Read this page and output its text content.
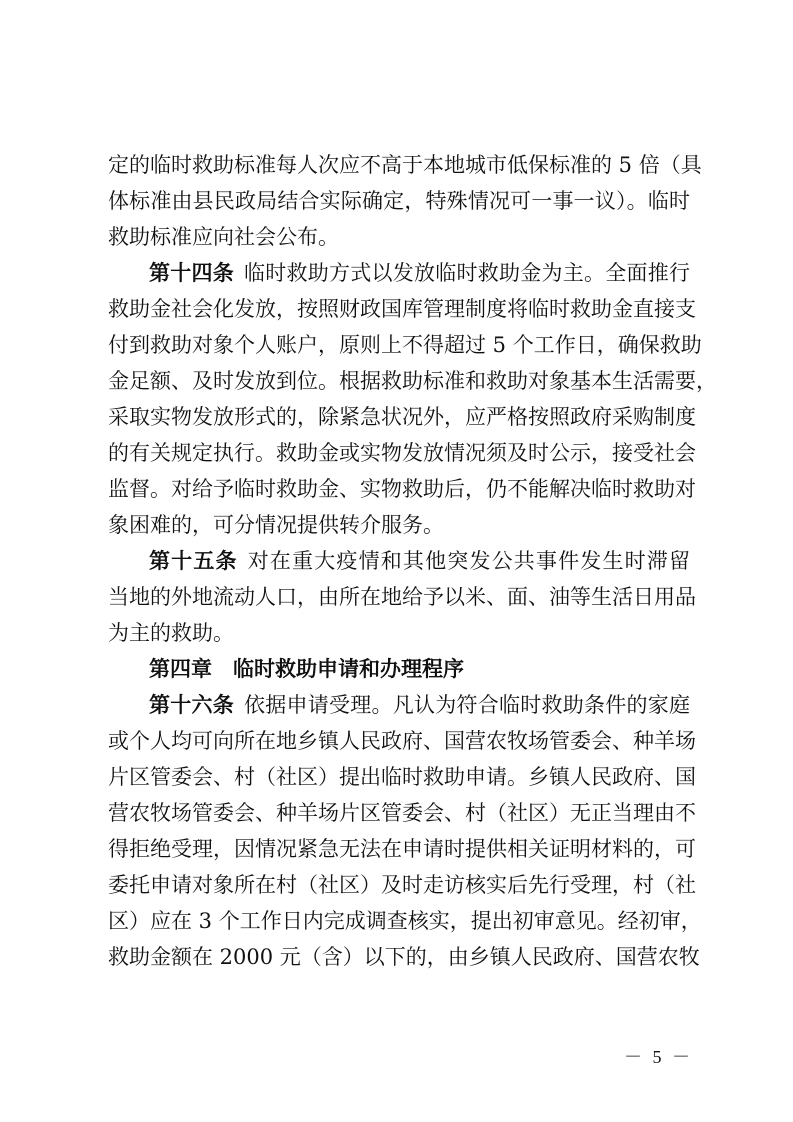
定的临时救助标准每人次应不高于本地城市低保标准的 5 倍（具
体标准由县民政局结合实际确定，特殊情况可一事一议）。临时
救助标准应向社会公布。
第十四条 临时救助方式以发放临时救助金为主。全面推行
救助金社会化发放，按照财政国库管理制度将临时救助金直接支
付到救助对象个人账户，原则上不得超过 5 个工作日，确保救助
金足额、及时发放到位。根据救助标准和救助对象基本生活需要，
采取实物发放形式的，除紧急状况外，应严格按照政府采购制度
的有关规定执行。救助金或实物发放情况须及时公示，接受社会
监督。对给予临时救助金、实物救助后，仍不能解决临时救助对
象困难的，可分情况提供转介服务。
第十五条 对在重大疫情和其他突发公共事件发生时滞留
当地的外地流动人口，由所在地给予以米、面、油等生活日用品
为主的救助。
第四章　临时救助申请和办理程序
第十六条 依据申请受理。凡认为符合临时救助条件的家庭
或个人均可向所在地乡镇人民政府、国营农牧场管委会、种羊场
片区管委会、村（社区）提出临时救助申请。乡镇人民政府、国
营农牧场管委会、种羊场片区管委会、村（社区）无正当理由不
得拒绝受理，因情况紧急无法在申请时提供相关证明材料的，可
委托申请对象所在村（社区）及时走访核实后先行受理，村（社
区）应在 3 个工作日内完成调查核实，提出初审意见。经初审，
救助金额在 2000 元（含）以下的，由乡镇人民政府、国营农牧
－ 5 －
